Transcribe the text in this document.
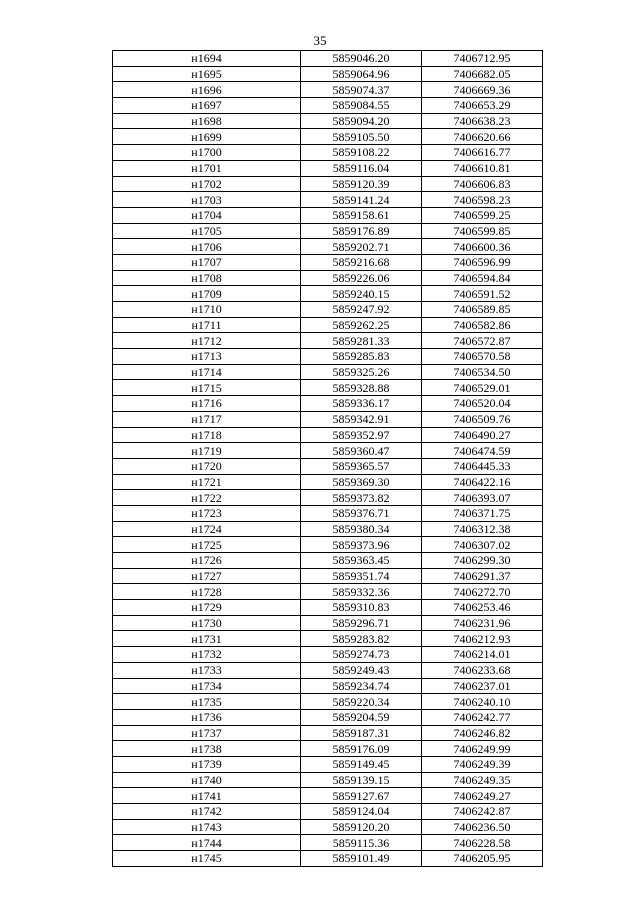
35
н1694	5859046.20	7406712.95
н1695	5859064.96	7406682.05
н1696	5859074.37	7406669.36
н1697	5859084.55	7406653.29
н1698	5859094.20	7406638.23
н1699	5859105.50	7406620.66
н1700	5859108.22	7406616.77
н1701	5859116.04	7406610.81
н1702	5859120.39	7406606.83
н1703	5859141.24	7406598.23
н1704	5859158.61	7406599.25
н1705	5859176.89	7406599.85
н1706	5859202.71	7406600.36
н1707	5859216.68	7406596.99
н1708	5859226.06	7406594.84
н1709	5859240.15	7406591.52
н1710	5859247.92	7406589.85
н1711	5859262.25	7406582.86
н1712	5859281.33	7406572.87
н1713	5859285.83	7406570.58
н1714	5859325.26	7406534.50
н1715	5859328.88	7406529.01
н1716	5859336.17	7406520.04
н1717	5859342.91	7406509.76
н1718	5859352.97	7406490.27
н1719	5859360.47	7406474.59
н1720	5859365.57	7406445.33
н1721	5859369.30	7406422.16
н1722	5859373.82	7406393.07
н1723	5859376.71	7406371.75
н1724	5859380.34	7406312.38
н1725	5859373.96	7406307.02
н1726	5859363.45	7406299.30
н1727	5859351.74	7406291.37
н1728	5859332.36	7406272.70
н1729	5859310.83	7406253.46
н1730	5859296.71	7406231.96
н1731	5859283.82	7406212.93
н1732	5859274.73	7406214.01
н1733	5859249.43	7406233.68
н1734	5859234.74	7406237.01
н1735	5859220.34	7406240.10
н1736	5859204.59	7406242.77
н1737	5859187.31	7406246.82
н1738	5859176.09	7406249.99
н1739	5859149.45	7406249.39
н1740	5859139.15	7406249.35
н1741	5859127.67	7406249.27
н1742	5859124.04	7406242.87
н1743	5859120.20	7406236.50
н1744	5859115.36	7406228.58
н1745	5859101.49	7406205.95
